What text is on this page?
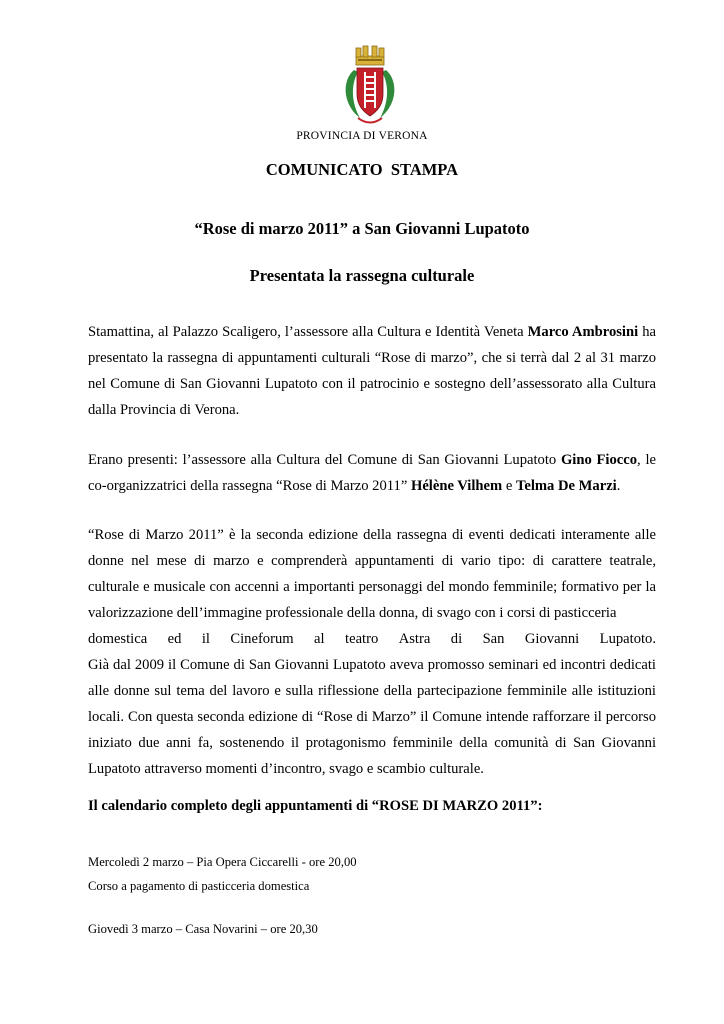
PROVINCIA DI VERONA
COMUNICATO  STAMPA
“Rose di marzo 2011” a San Giovanni Lupatoto
Presentata la rassegna culturale
Stamattina, al Palazzo Scaligero, l’assessore alla Cultura e Identità Veneta Marco Ambrosini ha presentato la rassegna di appuntamenti culturali “Rose di marzo”, che si terrà dal 2 al 31 marzo nel Comune di San Giovanni Lupatoto con il patrocinio e sostegno dell’assessorato alla Cultura dalla Provincia di Verona.
Erano presenti: l’assessore alla Cultura del Comune di San Giovanni Lupatoto Gino Fiocco, le co-organizzatrici della rassegna “Rose di Marzo 2011” Hélène Vilhem e Telma De Marzi.
“Rose di Marzo 2011” è la seconda edizione della rassegna di eventi dedicati interamente alle donne nel mese di marzo e comprenderà appuntamenti di vario tipo: di carattere teatrale, culturale e musicale con accenni a importanti personaggi del mondo femminile; formativo per la valorizzazione dell’immagine professionale della donna, di svago con i corsi di pasticceria
domestica ed il Cineforum al teatro Astra di San Giovanni Lupatoto.
Già dal 2009 il Comune di San Giovanni Lupatoto aveva promosso seminari ed incontri dedicati alle donne sul tema del lavoro e sulla riflessione della partecipazione femminile alle istituzioni locali. Con questa seconda edizione di “Rose di Marzo” il Comune intende rafforzare il percorso iniziato due anni fa, sostenendo il protagonismo femminile della comunità di San Giovanni Lupatoto attraverso momenti d’incontro, svago e scambio culturale.
Il calendario completo degli appuntamenti di “ROSE DI MARZO 2011”:
Mercoledì 2 marzo – Pia Opera Ciccarelli - ore 20,00
Corso a pagamento di pasticceria domestica
Giovedì 3 marzo – Casa Novarini – ore 20,30
